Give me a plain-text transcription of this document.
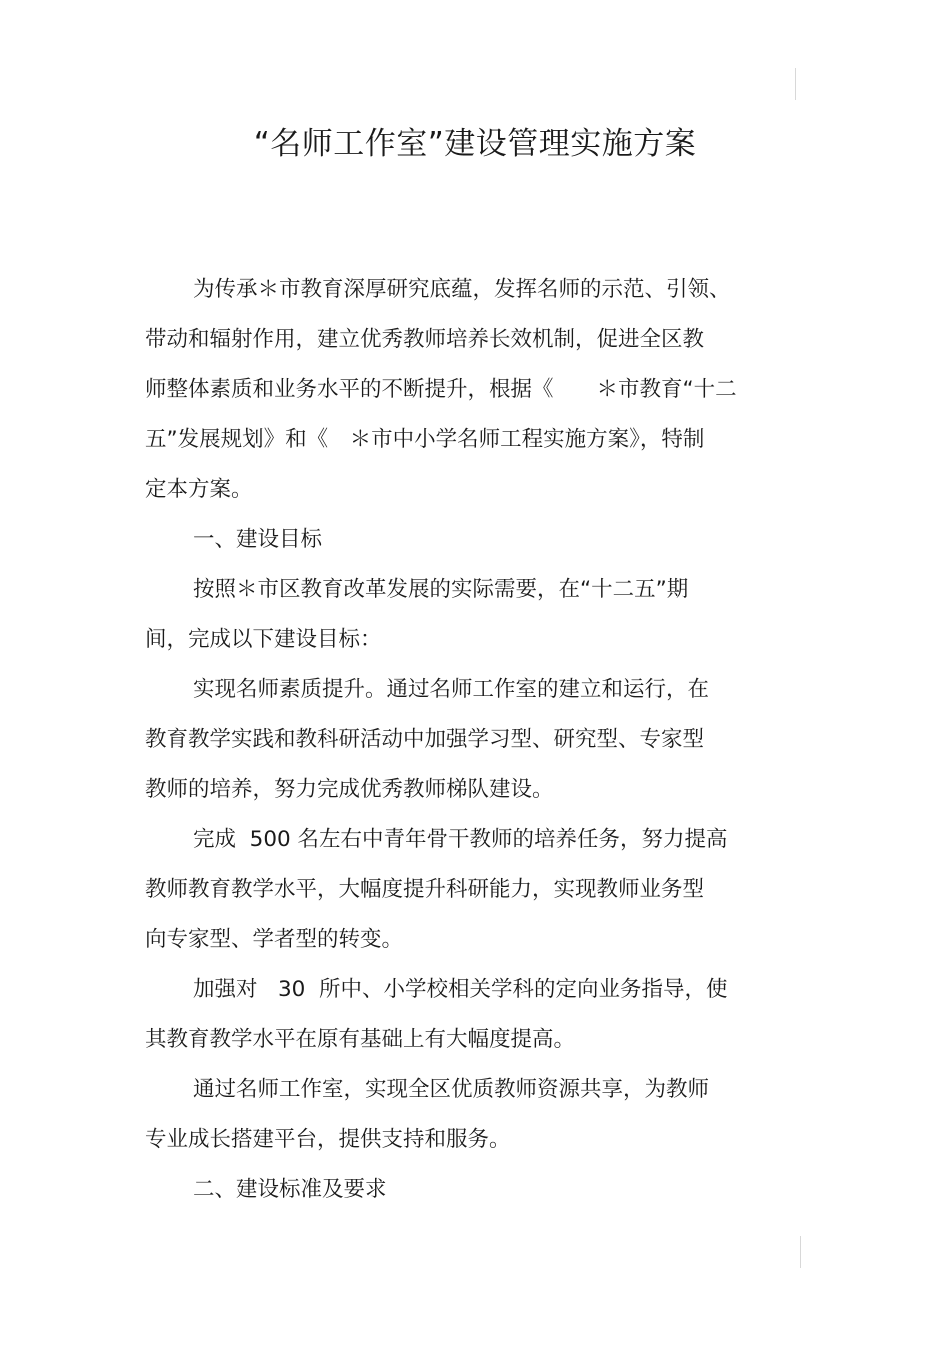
“名师工作室”建设管理实施方案

为传承＊市教育深厚研究底蕴，发挥名师的示范、引领、

带动和辐射作用，建立优秀教师培养长效机制，促进全区教

师整体素质和业务水平的不断提升，根据《　　＊市教育“十二

五”发展规划》和《　＊市中小学名师工程实施方案》，特制

定本方案。

一、建设目标

按照＊市区教育改革发展的实际需要，在“十二五”期

间，完成以下建设目标：

实现名师素质提升。通过名师工作室的建立和运行，在

教育教学实践和教科研活动中加强学习型、研究型、专家型

教师的培养，努力完成优秀教师梯队建设。

完成  500 名左右中青年骨干教师的培养任务，努力提高

教师教育教学水平，大幅度提升科研能力，实现教师业务型

向专家型、学者型的转变。

加强对   30  所中、小学校相关学科的定向业务指导，使

其教育教学水平在原有基础上有大幅度提高。

通过名师工作室，实现全区优质教师资源共享，为教师

专业成长搭建平台，提供支持和服务。

二、建设标准及要求
